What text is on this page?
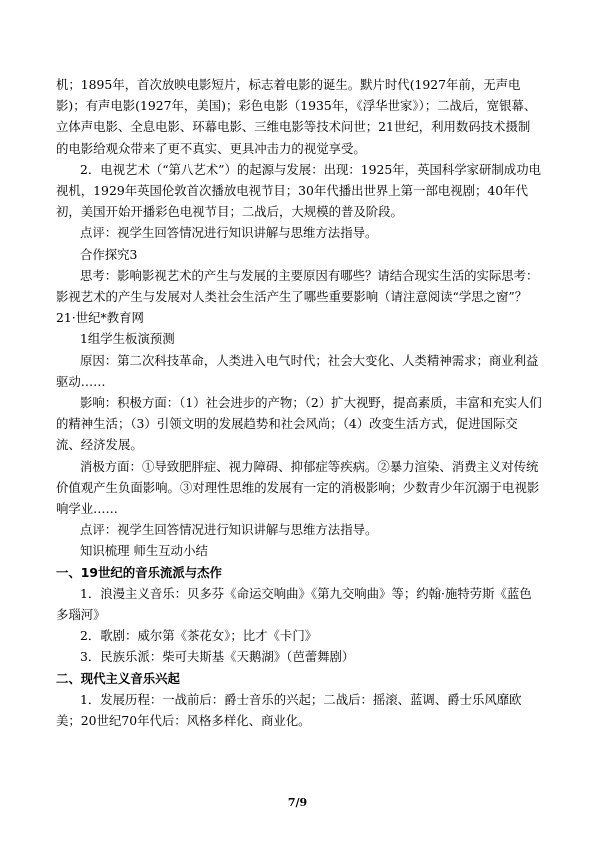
机；1895年，首次放映电影短片，标志着电影的诞生。默片时代(1927年前，无声电影)；有声电影(1927年，美国)；彩色电影（1935年，《浮华世家》）；二战后，宽银幕、立体声电影、全息电影、环幕电影、三维电影等技术问世；21世纪，利用数码技术摄制的电影给观众带来了更不真实、更具冲击力的视觉享受。

2．电视艺术（“第八艺术”）的起源与发展：出现：1925年，英国科学家研制成功电视机，1929年英国伦敦首次播放电视节目；30年代播出世界上第一部电视剧；40年代初，美国开始开播彩色电视节目；二战后，大规模的普及阶段。

点评：视学生回答情况进行知识讲解与思维方法指导。

合作探究3

思考：影响影视艺术的产生与发展的主要原因有哪些？请结合现实生活的实际思考：影视艺术的产生与发展对人类社会生活产生了哪些重要影响（请注意阅读“学思之窗”？

21·世纪*教育网

1组学生板演预测

原因：第二次科技革命，人类进入电气时代；社会大变化、人类精神需求；商业利益驱动……

影响：积极方面：（1）社会进步的产物；（2）扩大视野，提高素质，丰富和充实人们的精神生活；（3）引领文明的发展趋势和社会风尚；（4）改变生活方式，促进国际交流、经济发展。

消极方面：①导致肥胖症、视力障碍、抑郁症等疾病。②暴力渲染、消费主义对传统价值观产生负面影响。③对理性思维的发展有一定的消极影响；少数青少年沉溺于电视影响学业……

点评：视学生回答情况进行知识讲解与思维方法指导。

知识梳理 师生互动小结

一、19世纪的音乐流派与杰作

1．浪漫主义音乐：贝多芬《命运交响曲》《第九交响曲》等；约翰·施特劳斯《蓝色多瑙河》

2．歌剧：威尔第《茶花女》；比才《卡门》

3．民族乐派：柴可夫斯基《天鹅湖》（芭蕾舞剧）

二、现代主义音乐兴起

1．发展历程：一战前后：爵士音乐的兴起；二战后：摇滚、蓝调、爵士乐风靡欧美；20世纪70年代后：风格多样化、商业化。

7/9
